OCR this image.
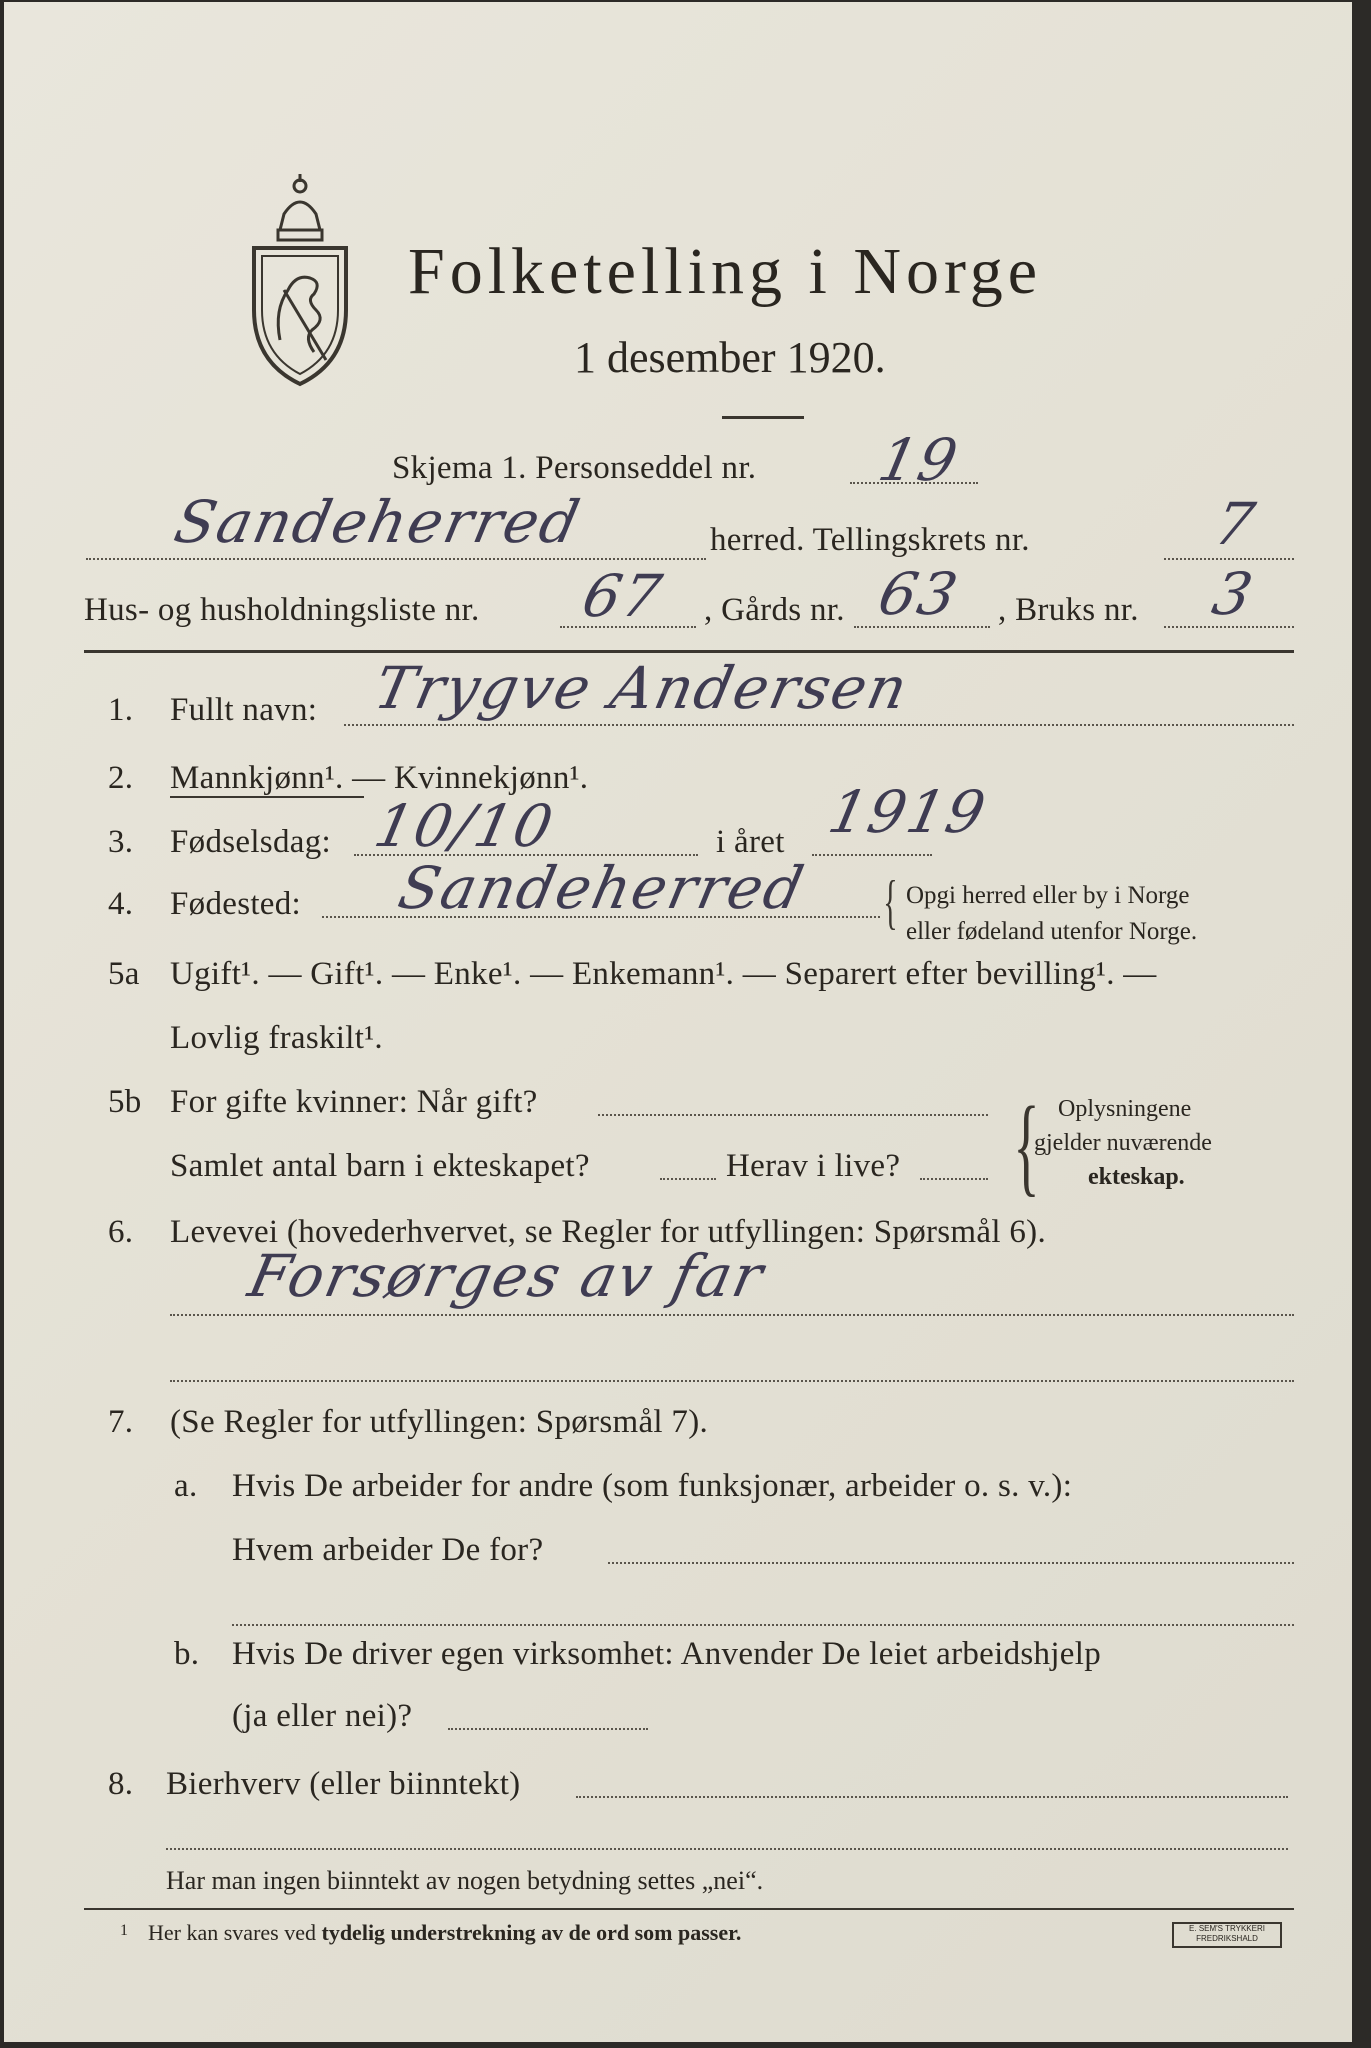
Folketelling i Norge
1 desember 1920.
Skjema 1. Personseddel nr. 19
Sandeherred	herred. Tellingskrets nr.	7
Hus- og husholdningsliste nr. 67 , Gårds nr. 63 , Bruks nr. 3
1. Fullt navn: Trygve Andersen
2. Mannkjønn¹. — Kvinnekjønn¹.
3. Fødselsdag: 10/10	i året 1919
4. Fødested: Sandeherred { Opgi herred eller by i Norge
eller fødeland utenfor Norge.
5a Ugift¹. — Gift¹. — Enke¹. — Enkemann¹. — Separert efter bevilling¹. —
Lovlig fraskilt¹.
5b For gifte kvinner: Når gift?
Samlet antal barn i ekteskapet?	Herav i live? { Oplysningene
gjelder nuværende
ekteskap.
6. Levevei (hovederhvervet, se Regler for utfyllingen: Spørsmål 6).
Forsørges av far
7. (Se Regler for utfyllingen: Spørsmål 7).
a. Hvis De arbeider for andre (som funksjonær, arbeider o. s. v.):
Hvem arbeider De for?
b. Hvis De driver egen virksomhet: Anvender De leiet arbeidshjelp
(ja eller nei)?
8. Bierhverv (eller biinntekt)
Har man ingen biinntekt av nogen betydning settes „nei“.
1 Her kan svares ved tydelig understrekning av de ord som passer.	E. SEM'S TRYKKERI
FREDRIKSHALD
